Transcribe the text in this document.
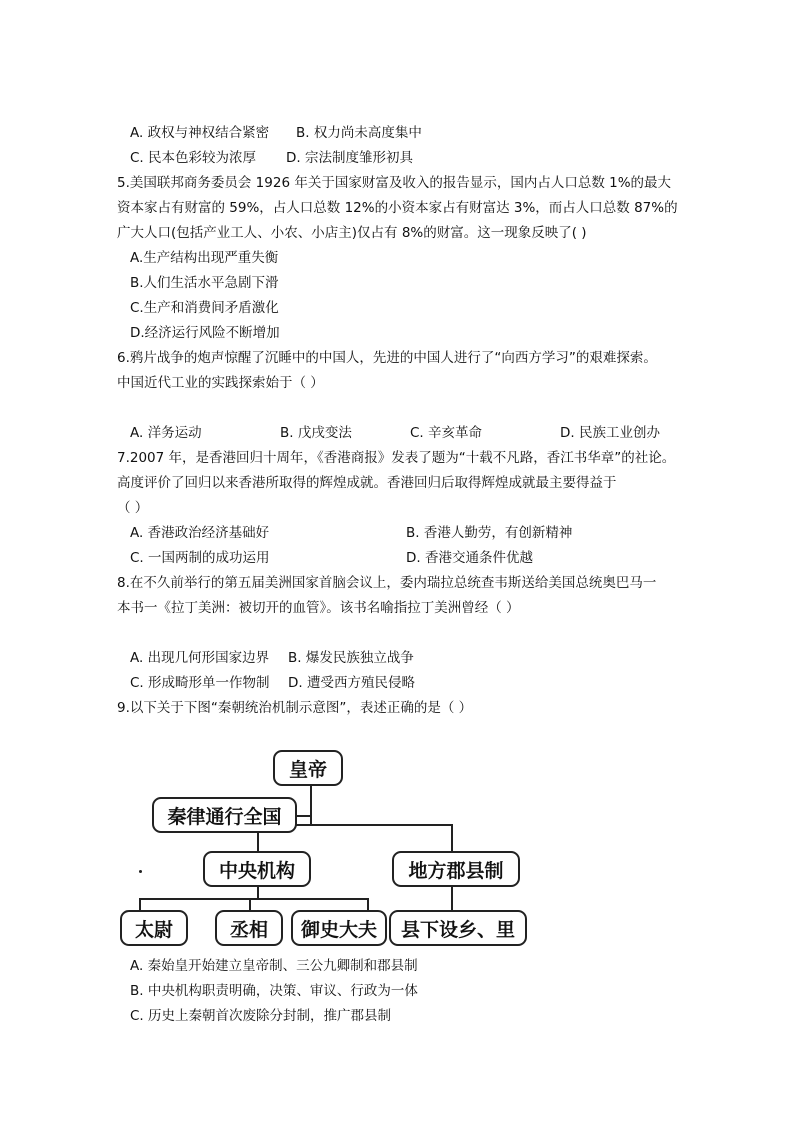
A. 政权与神权结合紧密 B. 权力尚未高度集中
C. 民本色彩较为浓厚 D. 宗法制度雏形初具
5.美国联邦商务委员会 1926 年关于国家财富及收入的报告显示，国内占人口总数 1%的最大
资本家占有财富的 59%，占人口总数 12%的小资本家占有财富达 3%，而占人口总数 87%的
广大人口(包括产业工人、小农、小店主)仅占有 8%的财富。这一现象反映了( )
A.生产结构出现严重失衡
B.人们生活水平急剧下滑
C.生产和消费间矛盾激化
D.经济运行风险不断增加
6.鸦片战争的炮声惊醒了沉睡中的中国人，先进的中国人进行了“向西方学习”的艰难探索。
中国近代工业的实践探索始于（ ）
A. 洋务运动	B. 戊戌变法	C. 辛亥革命	D. 民族工业创办
7.2007 年，是香港回归十周年，《香港商报》发表了题为“十载不凡路，香江书华章”的社论。
高度评价了回归以来香港所取得的辉煌成就。香港回归后取得辉煌成就最主要得益于
（ ）
A. 香港政治经济基础好	B. 香港人勤劳，有创新精神
C. 一国两制的成功运用	D. 香港交通条件优越
8.在不久前举行的第五届美洲国家首脑会议上，委内瑞拉总统查韦斯送给美国总统奥巴马一
本书一《拉丁美洲：被切开的血管》。该书名喻指拉丁美洲曾经（ ）
A. 出现几何形国家边界 B. 爆发民族独立战争
C. 形成畸形单一作物制 D. 遭受西方殖民侵略
9.以下关于下图“秦朝统治机制示意图”，表述正确的是（ ）
皇帝
秦律通行全国
中央机构	地方郡县制
太尉	丞相	御史大夫	县下设乡、里
A. 秦始皇开始建立皇帝制、三公九卿制和郡县制
B. 中央机构职责明确，决策、审议、行政为一体
C. 历史上秦朝首次废除分封制，推广郡县制
